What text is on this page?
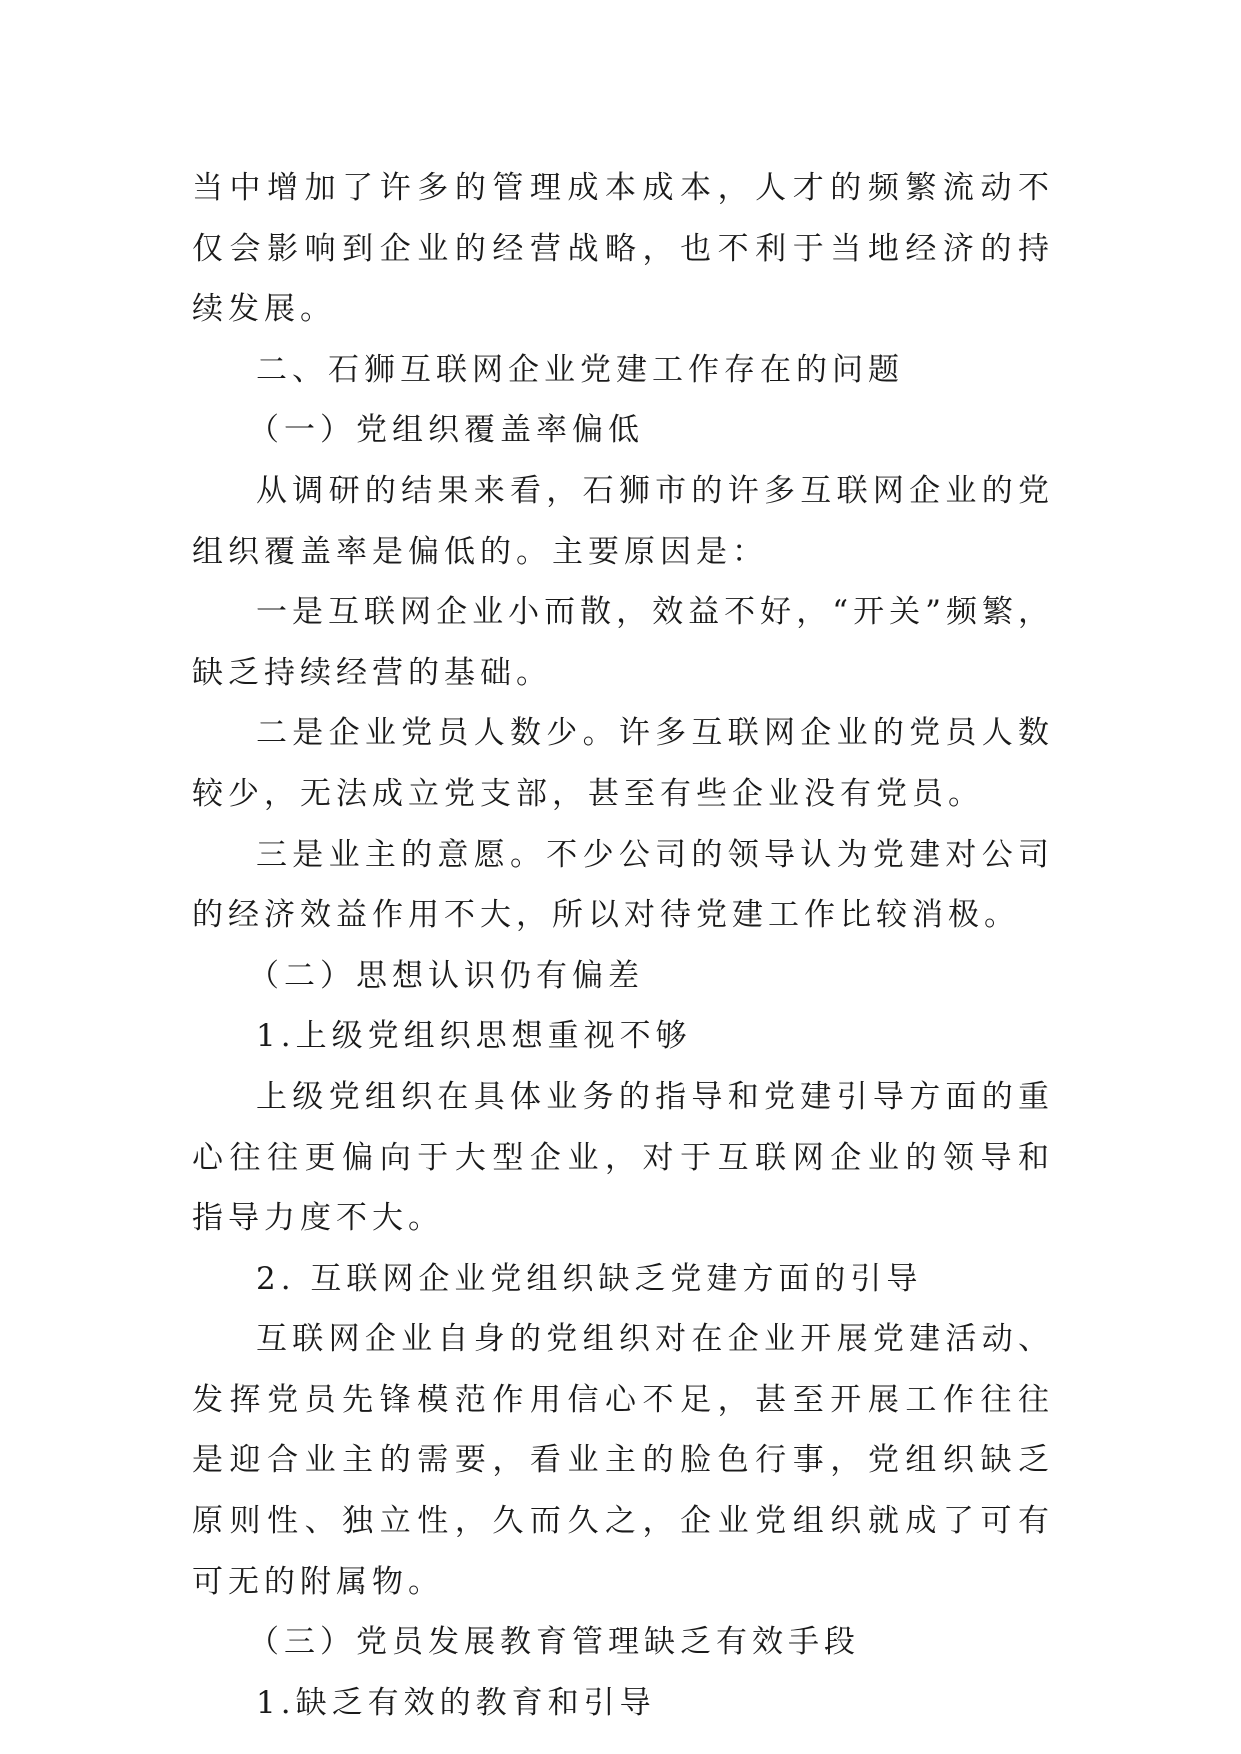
当中增加了许多的管理成本成本，人才的频繁流动不仅会影响到企业的经营战略，也不利于当地经济的持续发展。

二、石狮互联网企业党建工作存在的问题

（一）党组织覆盖率偏低

从调研的结果来看，石狮市的许多互联网企业的党组织覆盖率是偏低的。主要原因是：

一是互联网企业小而散，效益不好，“开关”频繁，缺乏持续经营的基础。

二是企业党员人数少。许多互联网企业的党员人数较少，无法成立党支部，甚至有些企业没有党员。

三是业主的意愿。不少公司的领导认为党建对公司的经济效益作用不大，所以对待党建工作比较消极。

（二）思想认识仍有偏差

1.上级党组织思想重视不够

上级党组织在具体业务的指导和党建引导方面的重心往往更偏向于大型企业，对于互联网企业的领导和指导力度不大。

2. 互联网企业党组织缺乏党建方面的引导

互联网企业自身的党组织对在企业开展党建活动、发挥党员先锋模范作用信心不足，甚至开展工作往往是迎合业主的需要，看业主的脸色行事，党组织缺乏原则性、独立性，久而久之，企业党组织就成了可有可无的附属物。

（三）党员发展教育管理缺乏有效手段

1.缺乏有效的教育和引导
